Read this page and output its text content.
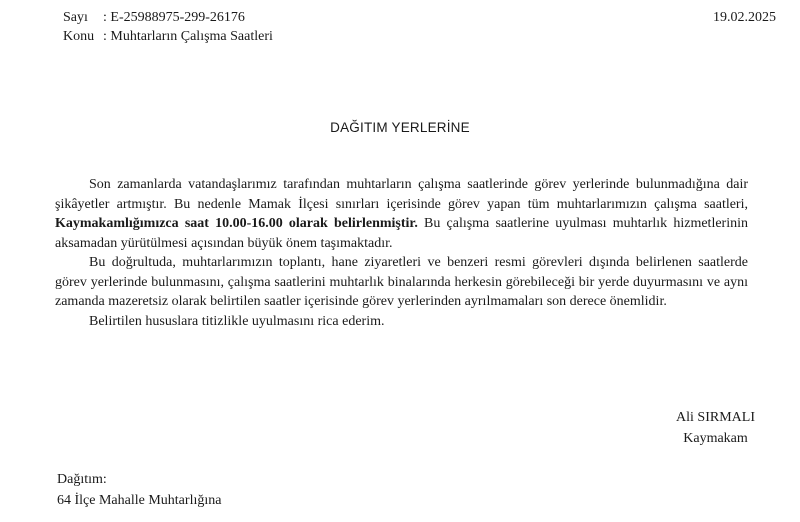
Sayı	: E-25988975-299-26176
Konu : Muhtarların Çalışma Saatleri
19.02.2025
DAĞITIM YERLERİNE

Son zamanlarda vatandaşlarımız tarafından muhtarların çalışma saatlerinde görev yerlerinde bulunmadığına dair şikâyetler artmıştır. Bu nedenle Mamak İlçesi sınırları içerisinde görev yapan tüm muhtarlarımızın çalışma saatleri, Kaymakamlığımızca saat 10.00-16.00 olarak belirlenmiştir. Bu çalışma saatlerine uyulması muhtarlık hizmetlerinin aksamadan yürütülmesi açısından büyük önem taşımaktadır.

Bu doğrultuda, muhtarlarımızın toplantı, hane ziyaretleri ve benzeri resmi görevleri dışında belirlenen saatlerde görev yerlerinde bulunmasını, çalışma saatlerini muhtarlık binalarında herkesin görebileceği bir yerde duyurmasını ve aynı zamanda mazeretsiz olarak belirtilen saatler içerisinde görev yerlerinden ayrılmamaları son derece önemlidir.

Belirtilen hususlara titizlikle uyulmasını rica ederim.

Ali SIRMALI
Kaymakam
Dağıtım:
64 İlçe Mahalle Muhtarlığına
